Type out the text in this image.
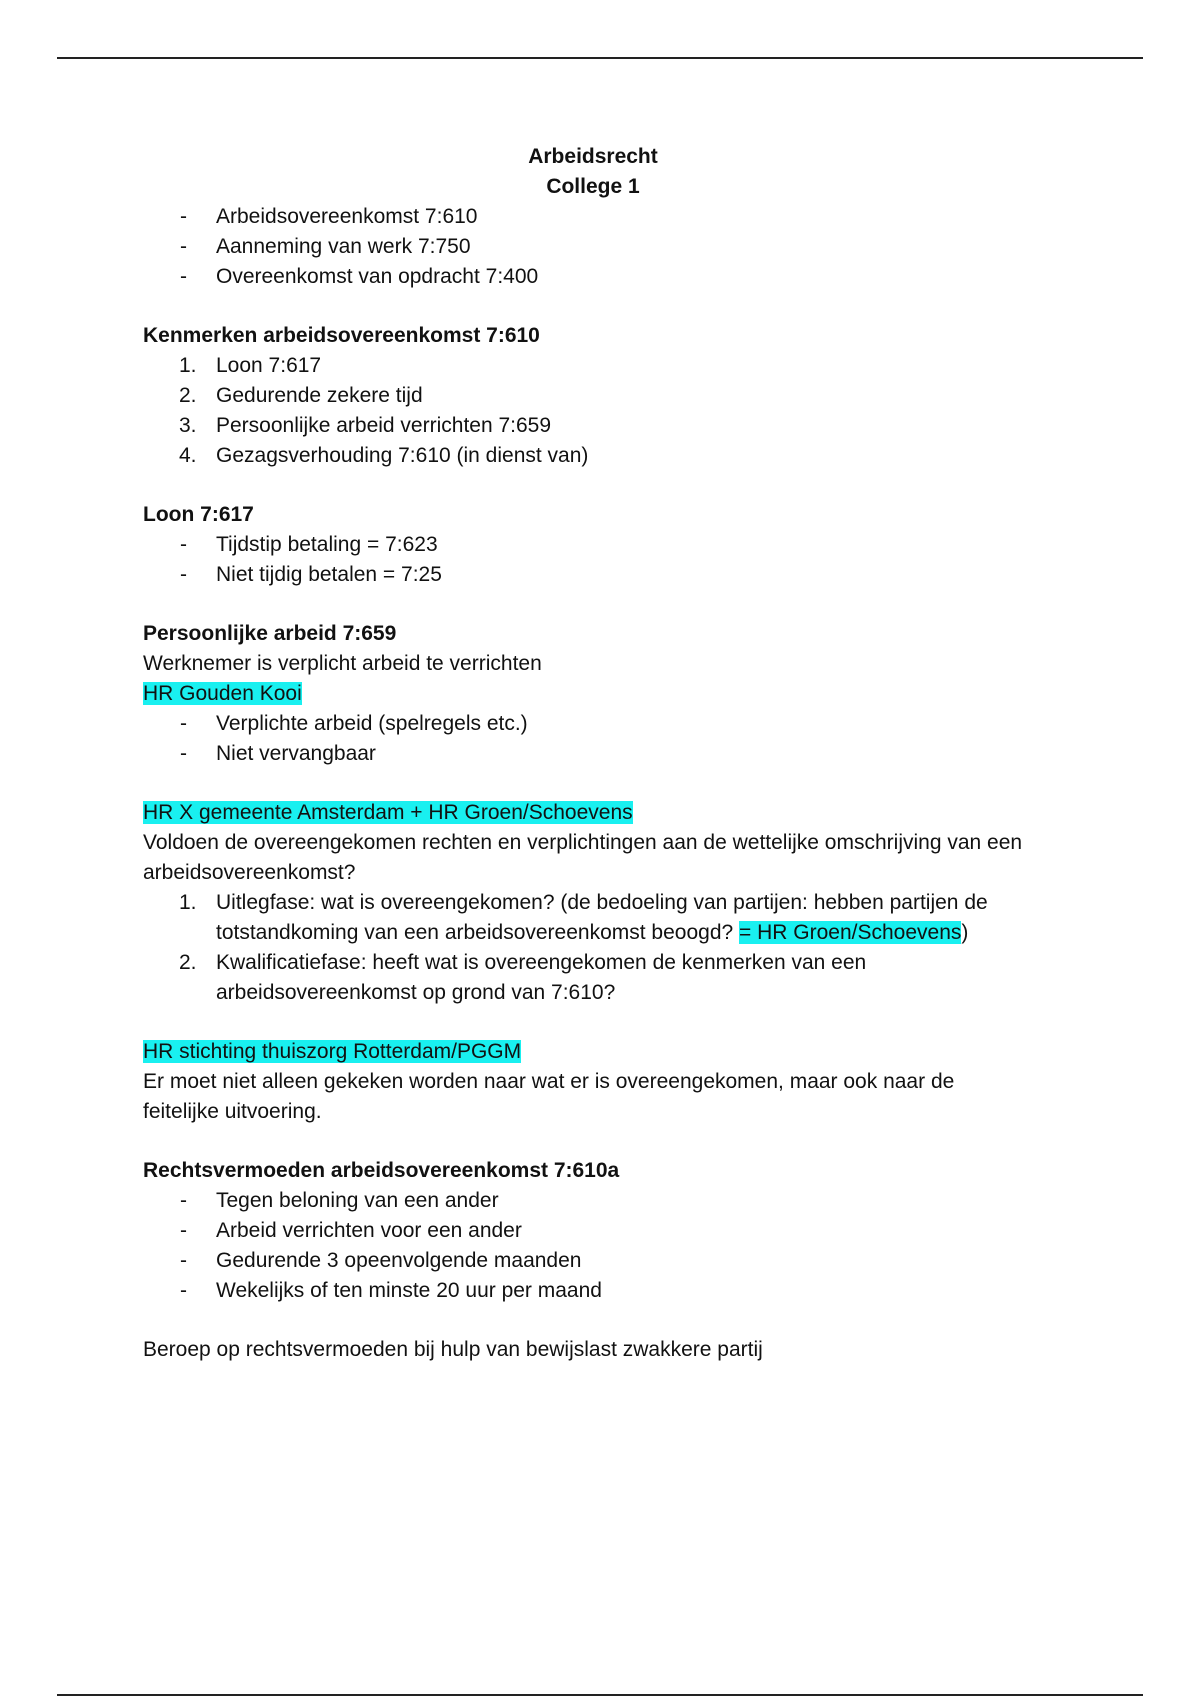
Arbeidsrecht
College 1
- Arbeidsovereenkomst 7:610
- Aanneming van werk 7:750
- Overeenkomst van opdracht 7:400
Kenmerken arbeidsovereenkomst 7:610
1. Loon 7:617
2. Gedurende zekere tijd
3. Persoonlijke arbeid verrichten 7:659
4. Gezagsverhouding 7:610 (in dienst van)
Loon 7:617
- Tijdstip betaling = 7:623
- Niet tijdig betalen = 7:25
Persoonlijke arbeid 7:659
Werknemer is verplicht arbeid te verrichten
HR Gouden Kooi
- Verplichte arbeid (spelregels etc.)
- Niet vervangbaar
HR X gemeente Amsterdam + HR Groen/Schoevens
Voldoen de overeengekomen rechten en verplichtingen aan de wettelijke omschrijving van een arbeidsovereenkomst?
1. Uitlegfase: wat is overeengekomen? (de bedoeling van partijen: hebben partijen de
totstandkoming van een arbeidsovereenkomst beoogd? = HR Groen/Schoevens)
2. Kwalificatiefase: heeft wat is overeengekomen de kenmerken van een
arbeidsovereenkomst op grond van 7:610?
HR stichting thuiszorg Rotterdam/PGGM
Er moet niet alleen gekeken worden naar wat er is overeengekomen, maar ook naar de
feitelijke uitvoering.
Rechtsvermoeden arbeidsovereenkomst 7:610a
- Tegen beloning van een ander
- Arbeid verrichten voor een ander
- Gedurende 3 opeenvolgende maanden
- Wekelijks of ten minste 20 uur per maand
Beroep op rechtsvermoeden bij hulp van bewijslast zwakkere partij
